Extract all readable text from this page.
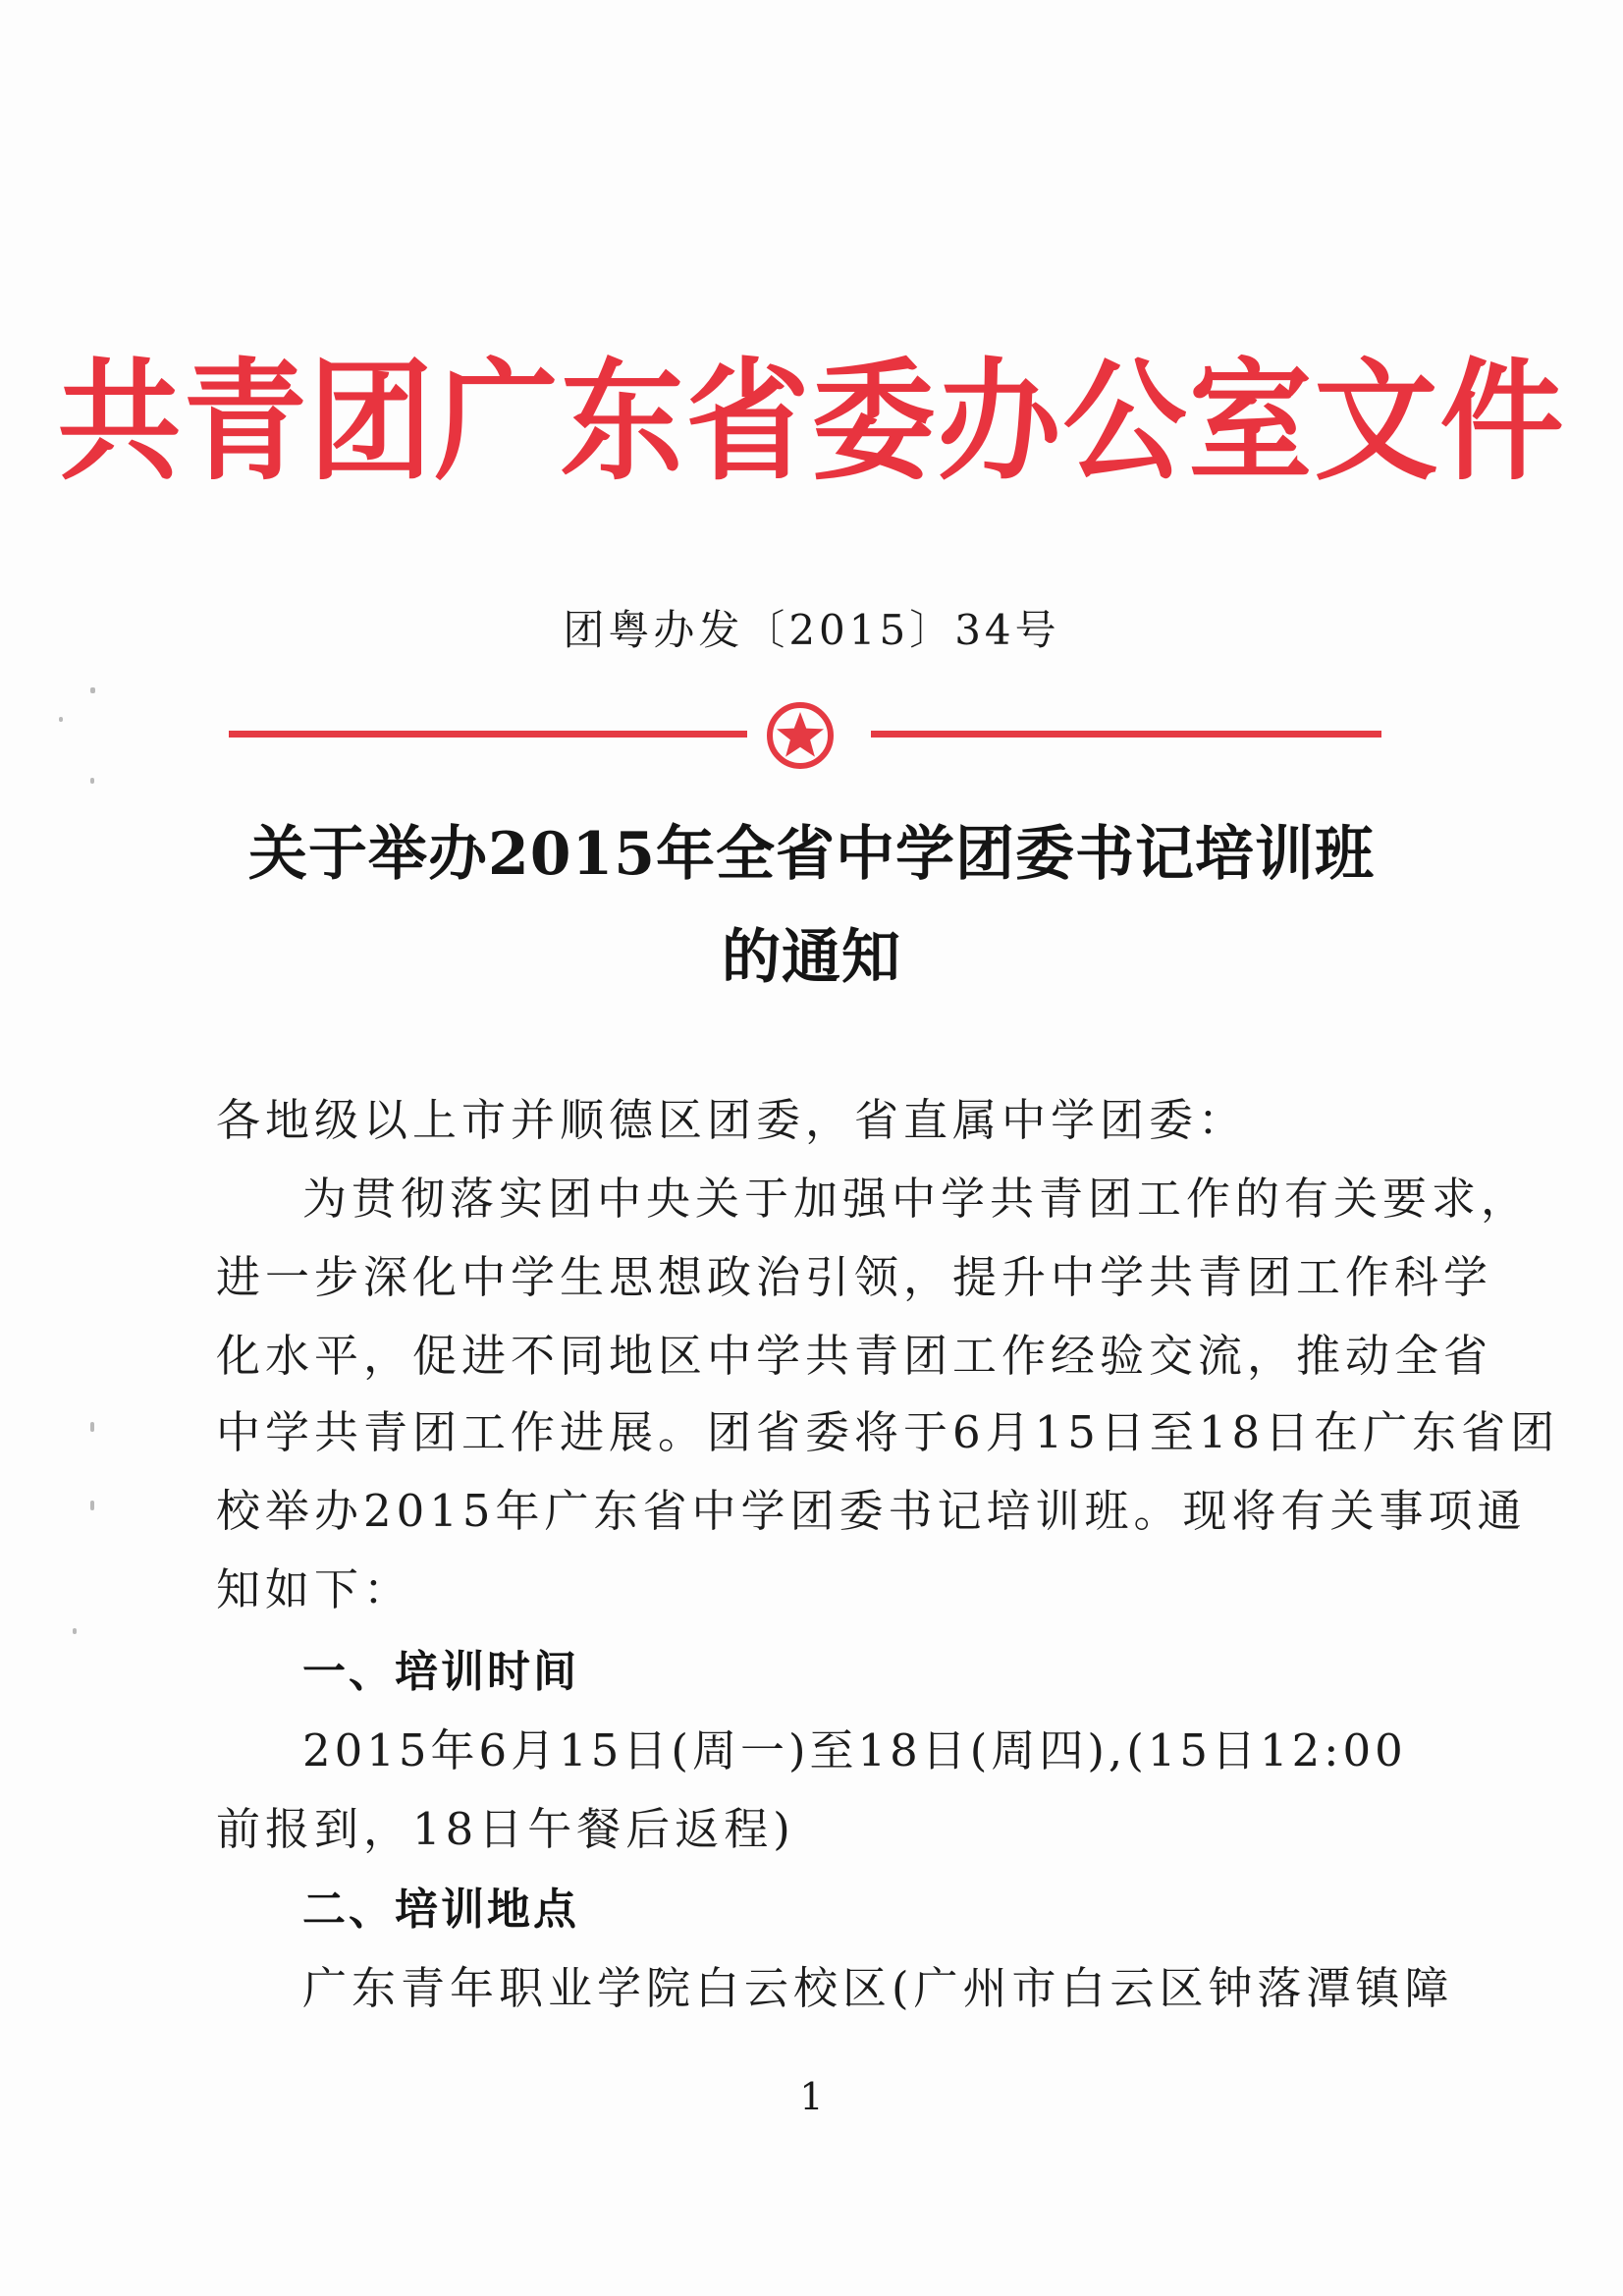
共青团广东省委办公室文件
团粤办发〔2015〕34号
关于举办2015年全省中学团委书记培训班
的通知
各地级以上市并顺德区团委，省直属中学团委：
为贯彻落实团中央关于加强中学共青团工作的有关要求，
进一步深化中学生思想政治引领，提升中学共青团工作科学
化水平，促进不同地区中学共青团工作经验交流，推动全省
中学共青团工作进展。团省委将于6月15日至18日在广东省团
校举办2015年广东省中学团委书记培训班。现将有关事项通
知如下：
一、培训时间
2015年6月15日(周一)至18日(周四),(15日12:00
前报到，18日午餐后返程)
二、培训地点
广东青年职业学院白云校区(广州市白云区钟落潭镇障
1
